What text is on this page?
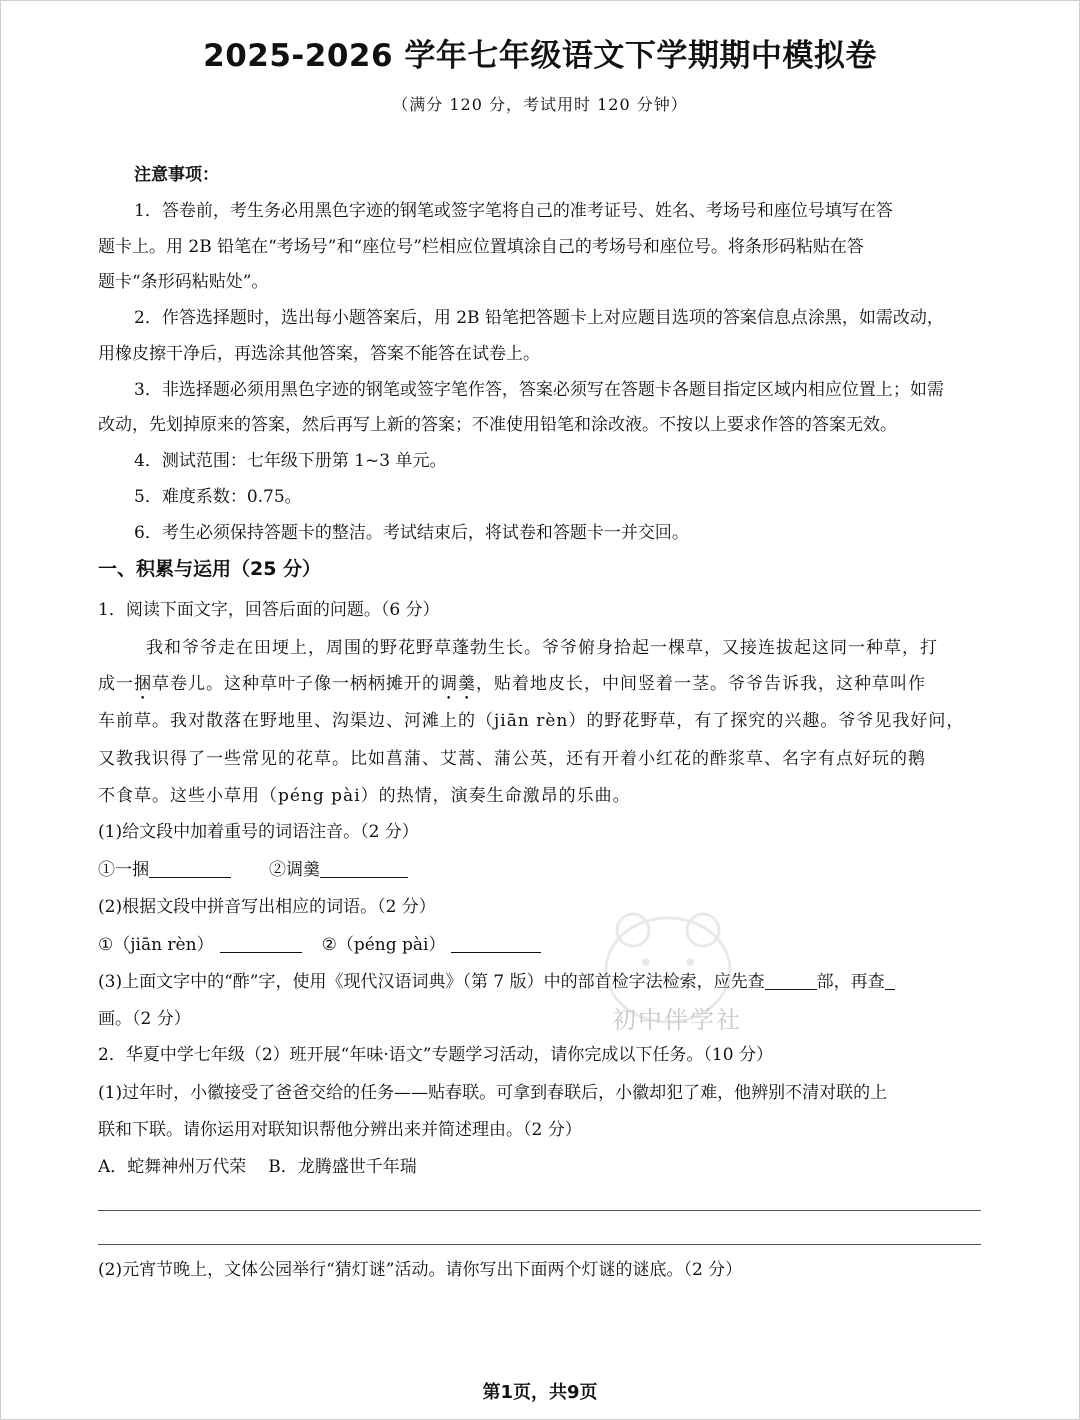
2025-2026 学年七年级语文下学期期中模拟卷
（满分 120 分，考试用时 120 分钟）
注意事项：
1．答卷前，考生务必用黑色字迹的钢笔或签字笔将自己的准考证号、姓名、考场号和座位号填写在答
题卡上。用 2B 铅笔在“考场号”和“座位号”栏相应位置填涂自己的考场号和座位号。将条形码粘贴在答
题卡“条形码粘贴处”。
2．作答选择题时，选出每小题答案后，用 2B 铅笔把答题卡上对应题目选项的答案信息点涂黑，如需改动，
用橡皮擦干净后，再选涂其他答案，答案不能答在试卷上。
3．非选择题必须用黑色字迹的钢笔或签字笔作答，答案必须写在答题卡各题目指定区域内相应位置上；如需
改动，先划掉原来的答案，然后再写上新的答案；不准使用铅笔和涂改液。不按以上要求作答的答案无效。
4．测试范围：七年级下册第 1~3 单元。
5．难度系数：0.75。
6．考生必须保持答题卡的整洁。考试结束后，将试卷和答题卡一并交回。
一、积累与运用（25 分）
1．阅读下面文字，回答后面的问题。（6 分）
我和爷爷走在田埂上，周围的野花野草蓬勃生长。爷爷俯身拾起一棵草，又接连拔起这同一种草，打
成一捆草卷儿。这种草叶子像一柄柄摊开的调羹，贴着地皮长，中间竖着一茎。爷爷告诉我，这种草叫作
车前草。我对散落在野地里、沟渠边、河滩上的（jiān rèn）的野花野草，有了探究的兴趣。爷爷见我好问，
又教我识得了一些常见的花草。比如菖蒲、艾蒿、蒲公英，还有开着小红花的酢浆草、名字有点好玩的鹅
不食草。这些小草用（péng pài）的热情，演奏生命激昂的乐曲。
(1)给文段中加着重号的词语注音。（2 分）
①一捆	②调羹
(2)根据文段中拼音写出相应的词语。（2 分）
①（jiān rèn）	②（péng pài）
(3)上面文字中的“酢”字，使用《现代汉语词典》（第 7 版）中的部首检字法检索，应先查	部，再查
画。（2 分）
2．华夏中学七年级（2）班开展“年味·语文”专题学习活动，请你完成以下任务。（10 分）
(1)过年时，小徽接受了爸爸交给的任务——贴春联。可拿到春联后，小徽却犯了难，他辨别不清对联的上
联和下联。请你运用对联知识帮他分辨出来并简述理由。（2 分）
A．蛇舞神州万代荣 B．龙腾盛世千年瑞
(2)元宵节晚上，文体公园举行“猜灯谜”活动。请你写出下面两个灯谜的谜底。（2 分）
初中伴学社
第1页，共9页
